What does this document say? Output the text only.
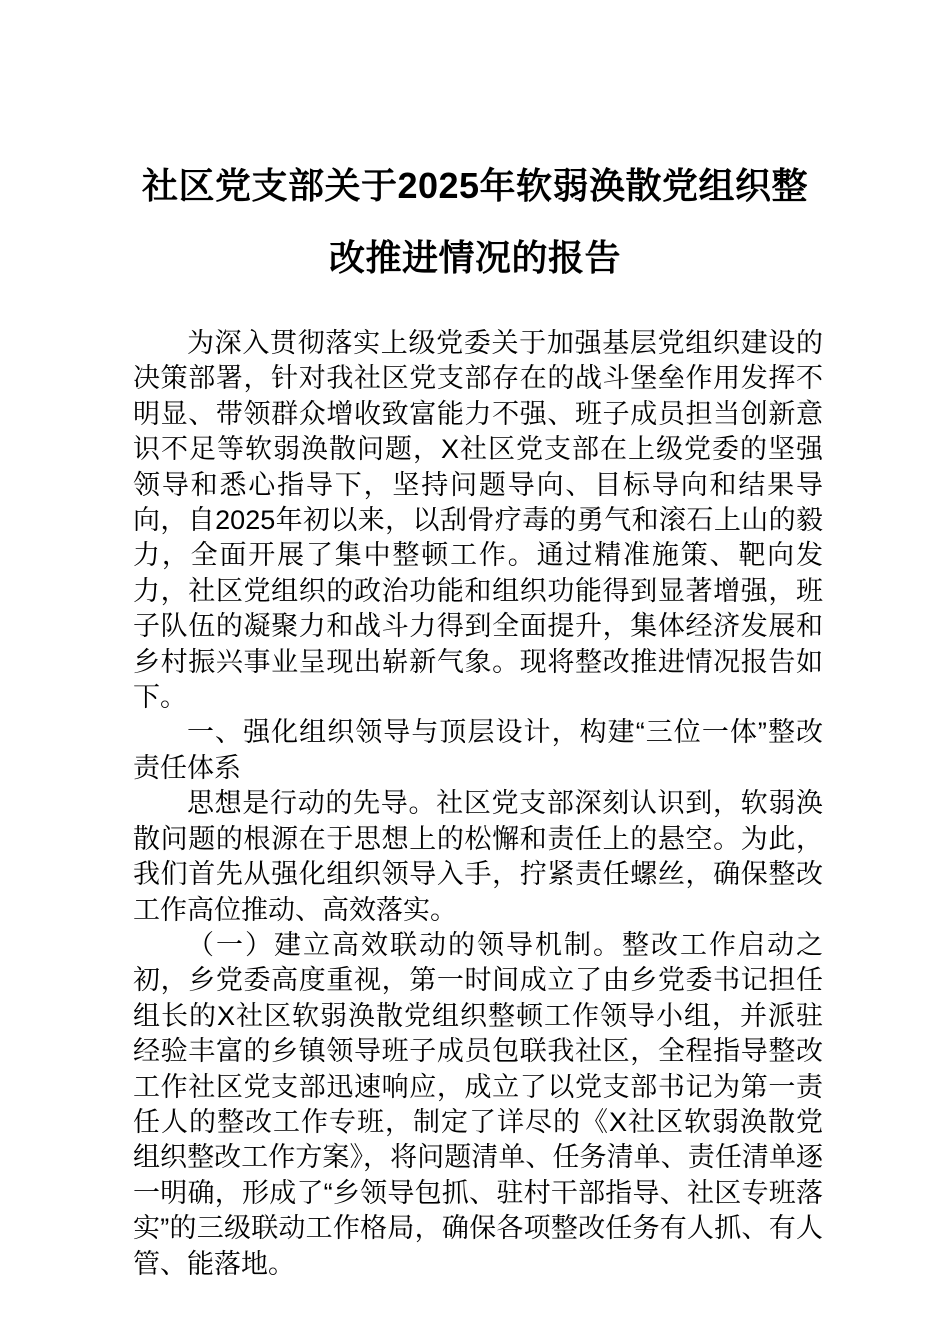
社区党支部关于2025年软弱涣散党组织整改推进情况的报告

为深入贯彻落实上级党委关于加强基层党组织建设的决策部署，针对我社区党支部存在的战斗堡垒作用发挥不明显、带领群众增收致富能力不强、班子成员担当创新意识不足等软弱涣散问题，X社区党支部在上级党委的坚强领导和悉心指导下，坚持问题导向、目标导向和结果导向，自2025年初以来，以刮骨疗毒的勇气和滚石上山的毅力，全面开展了集中整顿工作。通过精准施策、靶向发力，社区党组织的政治功能和组织功能得到显著增强，班子队伍的凝聚力和战斗力得到全面提升，集体经济发展和乡村振兴事业呈现出崭新气象。现将整改推进情况报告如下。

一、强化组织领导与顶层设计，构建“三位一体”整改责任体系

思想是行动的先导。社区党支部深刻认识到，软弱涣散问题的根源在于思想上的松懈和责任上的悬空。为此，我们首先从强化组织领导入手，拧紧责任螺丝，确保整改工作高位推动、高效落实。

（一）建立高效联动的领导机制。整改工作启动之初，乡党委高度重视，第一时间成立了由乡党委书记担任组长的X社区软弱涣散党组织整顿工作领导小组，并派驻经验丰富的乡镇领导班子成员包联我社区，全程指导整改工作社区党支部迅速响应，成立了以党支部书记为第一责任人的整改工作专班，制定了详尽的《X社区软弱涣散党组织整改工作方案》，将问题清单、任务清单、责任清单逐一明确，形成了“乡领导包抓、驻村干部指导、社区专班落实”的三级联动工作格局，确保各项整改任务有人抓、有人管、能落地。
